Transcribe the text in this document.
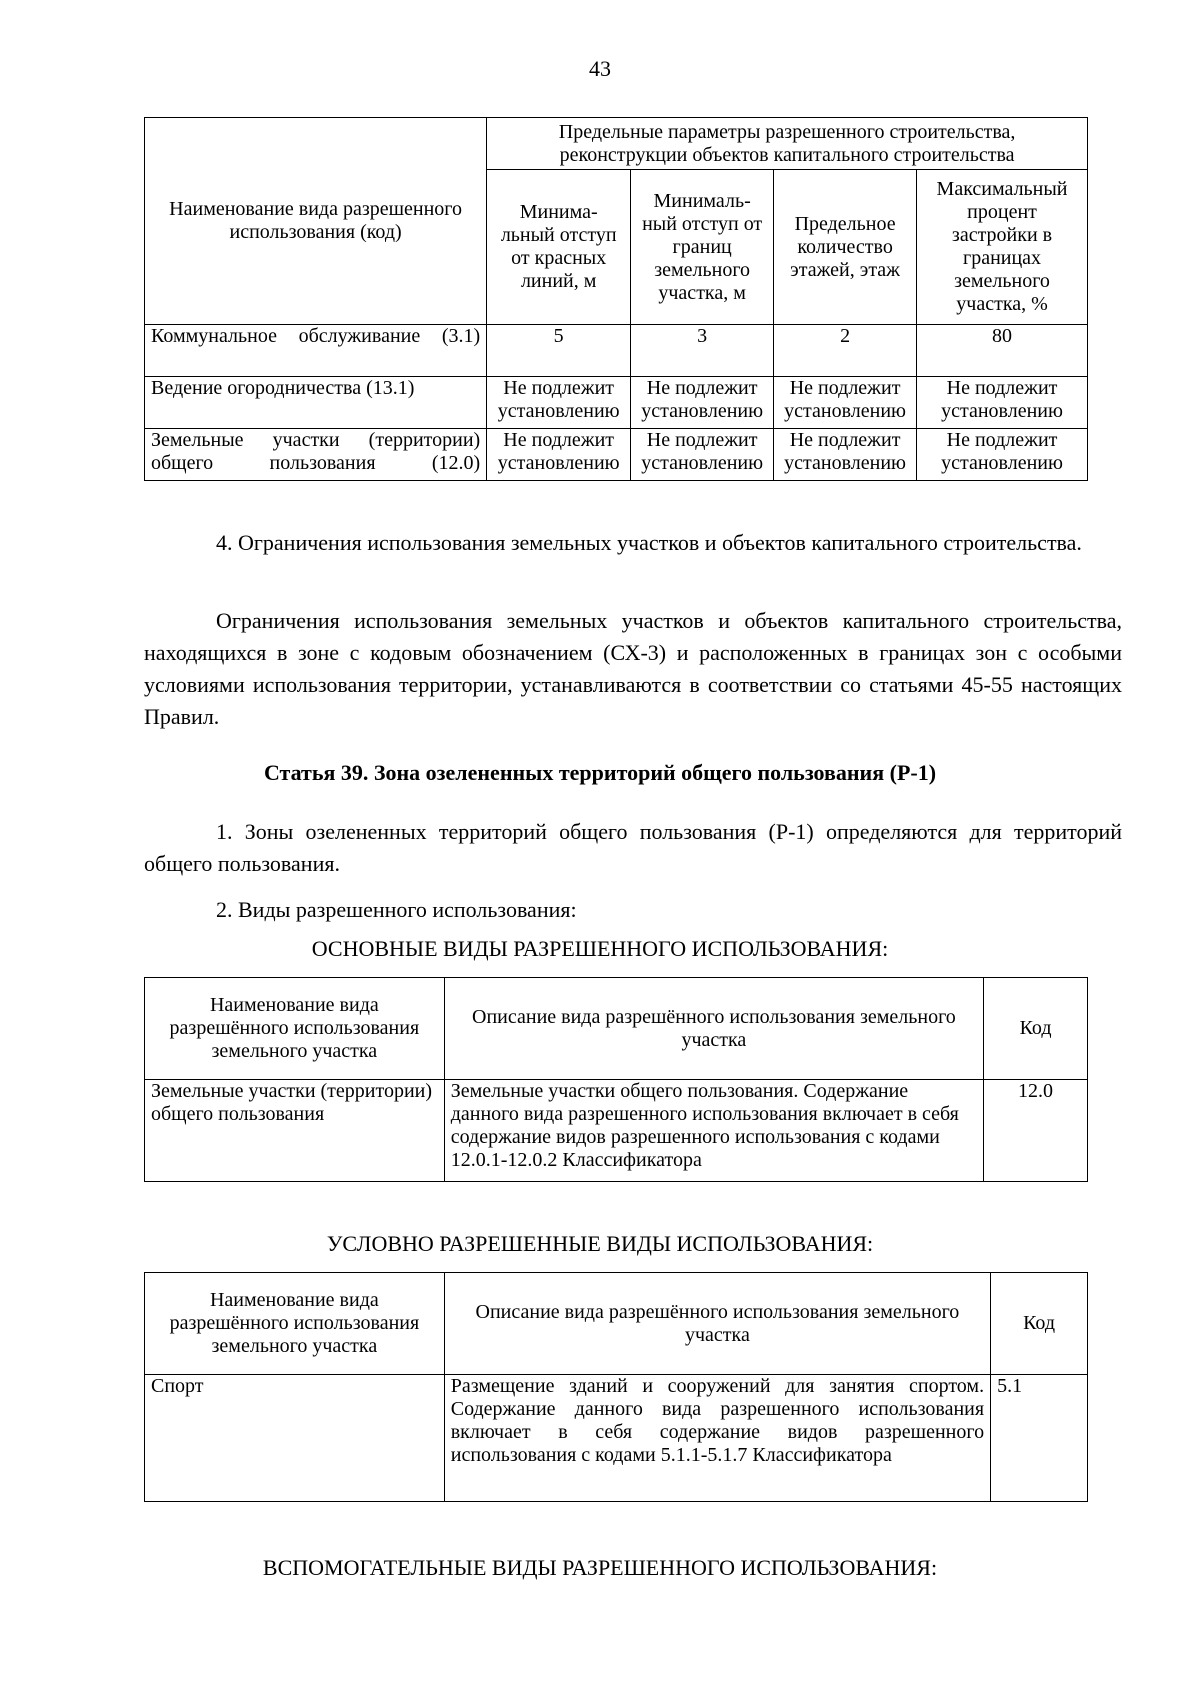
43
Наименование вида разрешенного использования (код)	Предельные параметры разрешенного строительства, реконструкции объектов капитального строительства			
	Минима-льный отступ от красных линий, м	Минималь-ный отступ от границ земельного участка, м	Предельное количество этажей, этаж	Максимальный процент застройки в границах земельного участка, %
Коммунальное обслуживание (3.1)	5	3	2	80
Ведение огородничества (13.1)	Не подлежит установлению	Не подлежит установлению	Не подлежит установлению	Не подлежит установлению
Земельные участки (территории) общего пользования (12.0)	Не подлежит установлению	Не подлежит установлению	Не подлежит установлению	Не подлежит установлению
4. Ограничения использования земельных участков и объектов капитального строительства.
Ограничения использования земельных участков и объектов капитального строительства, находящихся в зоне с кодовым обозначением (СХ-3) и расположенных в границах зон с особыми условиями использования территории, устанавливаются в соответствии со статьями 45-55 настоящих Правил.
Статья 39. Зона озелененных территорий общего пользования (Р-1)
1. Зоны озелененных территорий общего пользования (Р-1) определяются для территорий общего пользования.
2. Виды разрешенного использования:
ОСНОВНЫЕ ВИДЫ РАЗРЕШЕННОГО ИСПОЛЬЗОВАНИЯ:
Наименование вида разрешённого использования земельного участка	Описание вида разрешённого использования земельного участка	Код
Земельные участки (территории) общего пользования	Земельные участки общего пользования. Содержание данного вида разрешенного использования включает в себя содержание видов разрешенного использования с кодами 12.0.1-12.0.2 Классификатора	12.0
УСЛОВНО РАЗРЕШЕННЫЕ ВИДЫ ИСПОЛЬЗОВАНИЯ:
Наименование вида разрешённого использования земельного участка	Описание вида разрешённого использования земельного участка	Код
Спорт	Размещение зданий и сооружений для занятия спортом. Содержание данного вида разрешенного использования включает в себя содержание видов разрешенного использования с кодами 5.1.1-5.1.7 Классификатора	5.1
ВСПОМОГАТЕЛЬНЫЕ ВИДЫ РАЗРЕШЕННОГО ИСПОЛЬЗОВАНИЯ:
